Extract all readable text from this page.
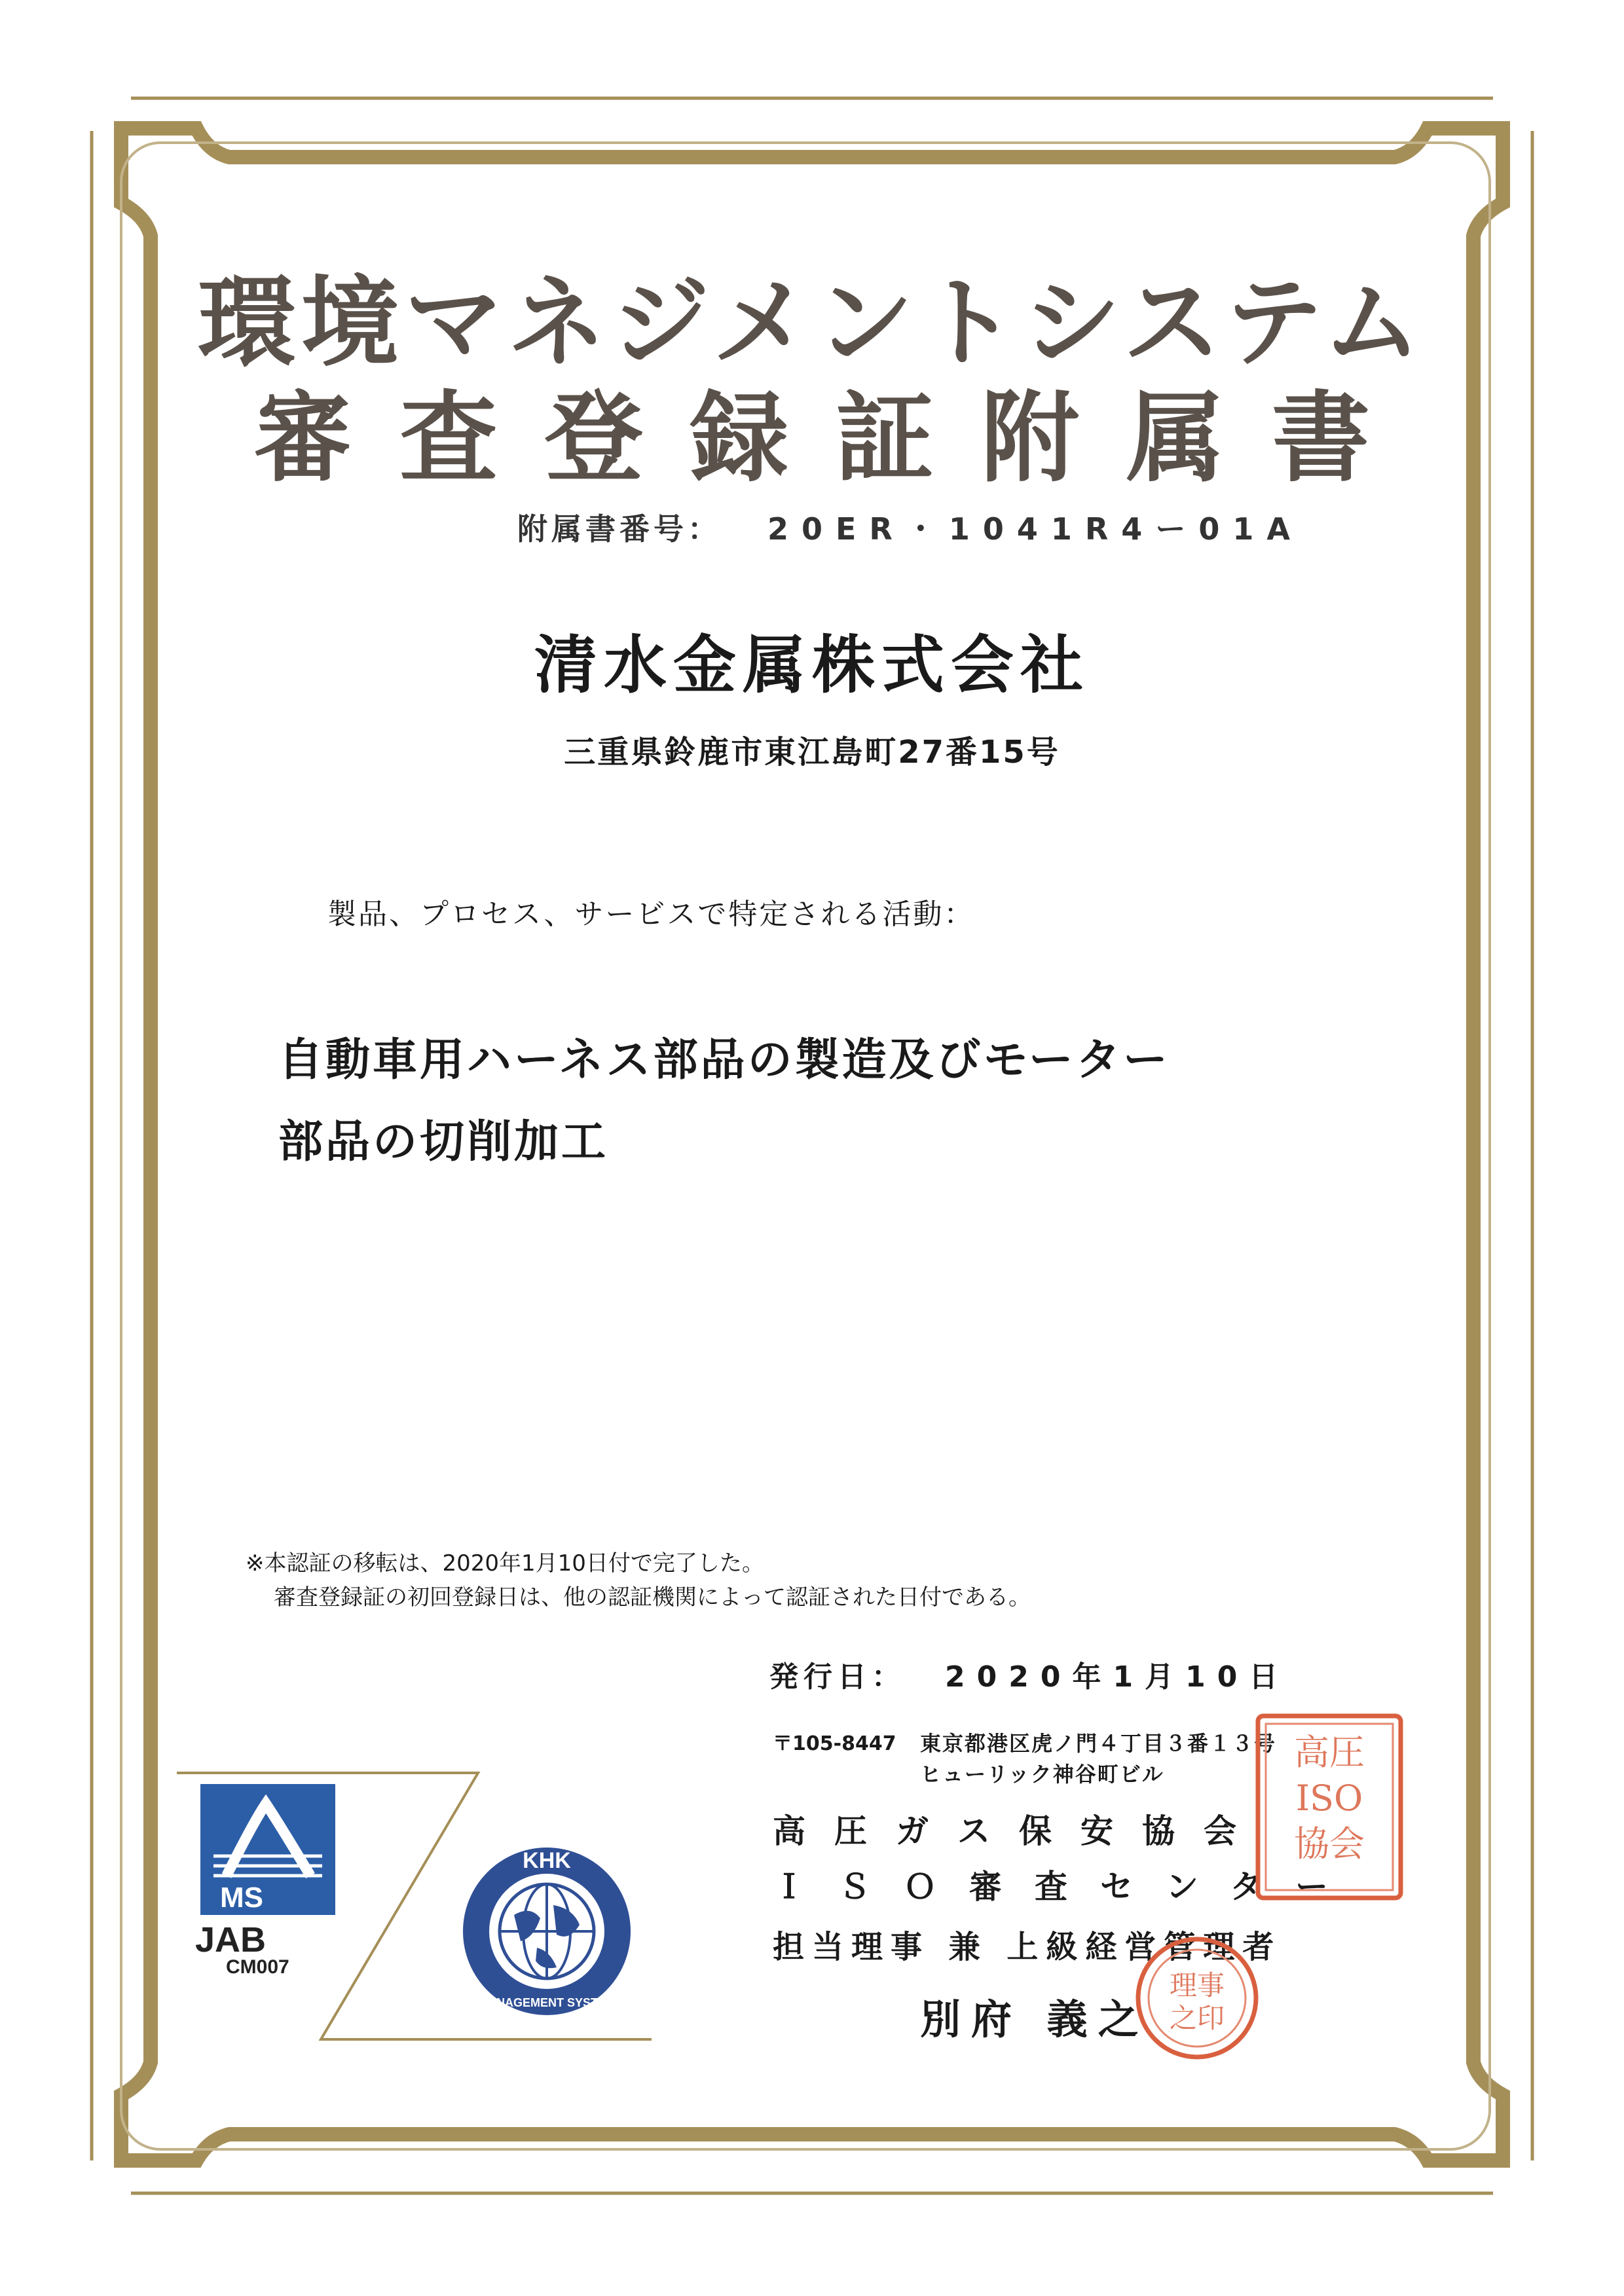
環境マネジメントシステム
審査登録証附属書
附属書番号： 20ER・1041R4ー01A
清水金属株式会社
三重県鈴鹿市東江島町27番15号
製品、プロセス、サービスで特定される活動：
自動車用ハーネス部品の製造及びモーター
部品の切削加工
※本認証の移転は、2020年1月10日付で完了した。
審査登録証の初回登録日は、他の認証機関によって認証された日付である。
発行日： 2020年1月10日
〒105-8447 東京都港区虎ノ門４丁目３番１３号
ヒューリック神谷町ビル
高圧ガス保安協会
ＩＳＯ審査センター
担当理事 兼 上級経営管理者
別府 義之
高圧
ISO
協会
理事
之印
MS
JAB
CM007
KHK
MANAGEMENT SYSTEM
